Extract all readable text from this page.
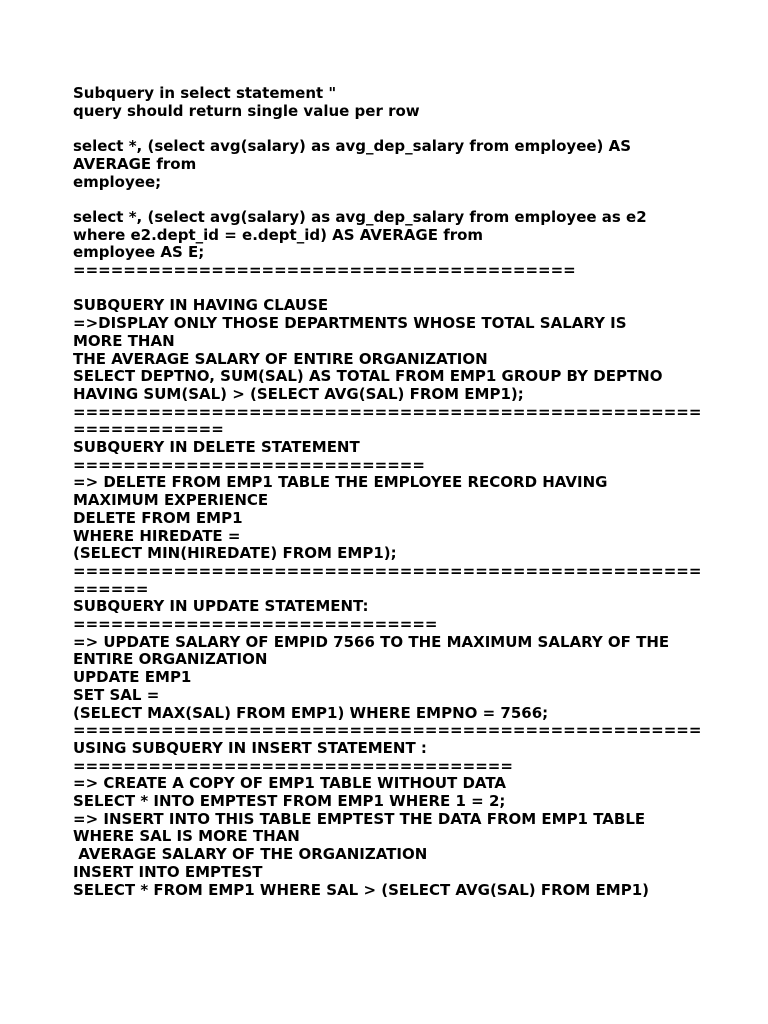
Subquery in select statement "
query should return single value per row
select *, (select avg(salary) as avg_dep_salary from employee) AS
AVERAGE from
employee;
select *, (select avg(salary) as avg_dep_salary from employee as e2
where e2.dept_id = e.dept_id) AS AVERAGE from
employee AS E;
========================================
SUBQUERY IN HAVING CLAUSE
=>DISPLAY ONLY THOSE DEPARTMENTS WHOSE TOTAL SALARY IS
MORE THAN
THE AVERAGE SALARY OF ENTIRE ORGANIZATION
SELECT DEPTNO, SUM(SAL) AS TOTAL FROM EMP1 GROUP BY DEPTNO
HAVING SUM(SAL) > (SELECT AVG(SAL) FROM EMP1);
==================================================
============
SUBQUERY IN DELETE STATEMENT
============================
=> DELETE FROM EMP1 TABLE THE EMPLOYEE RECORD HAVING
MAXIMUM EXPERIENCE
DELETE FROM EMP1
WHERE HIREDATE =
(SELECT MIN(HIREDATE) FROM EMP1);
==================================================
======
SUBQUERY IN UPDATE STATEMENT:
=============================
=> UPDATE SALARY OF EMPID 7566 TO THE MAXIMUM SALARY OF THE
ENTIRE ORGANIZATION
UPDATE EMP1
SET SAL =
(SELECT MAX(SAL) FROM EMP1) WHERE EMPNO = 7566;
==================================================
USING SUBQUERY IN INSERT STATEMENT :
===================================
=> CREATE A COPY OF EMP1 TABLE WITHOUT DATA
SELECT * INTO EMPTEST FROM EMP1 WHERE 1 = 2;
=> INSERT INTO THIS TABLE EMPTEST THE DATA FROM EMP1 TABLE
WHERE SAL IS MORE THAN
AVERAGE SALARY OF THE ORGANIZATION
INSERT INTO EMPTEST
SELECT * FROM EMP1 WHERE SAL > (SELECT AVG(SAL) FROM EMP1)
